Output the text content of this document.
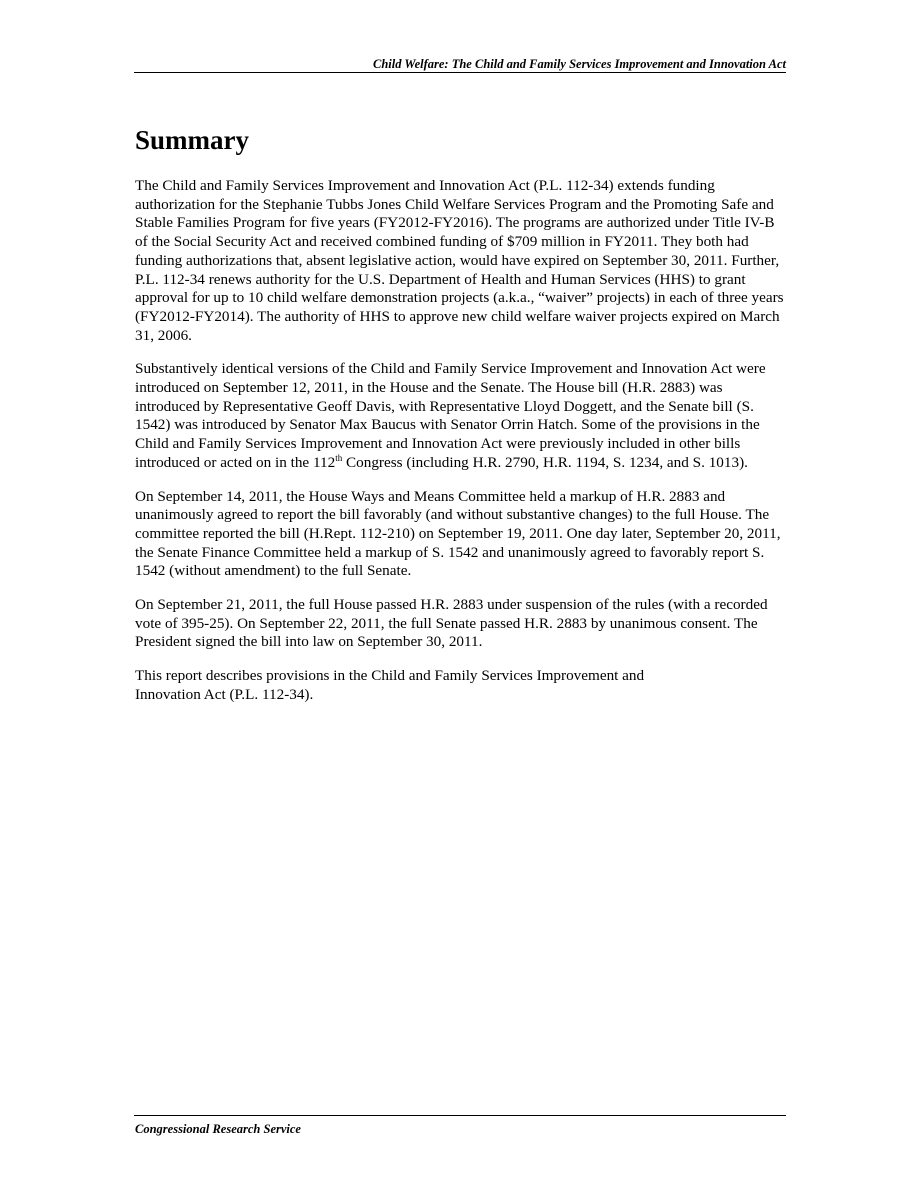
Child Welfare: The Child and Family Services Improvement and Innovation Act
Summary

The Child and Family Services Improvement and Innovation Act (P.L. 112-34) extends funding authorization for the Stephanie Tubbs Jones Child Welfare Services Program and the Promoting Safe and Stable Families Program for five years (FY2012-FY2016). The programs are authorized under Title IV-B of the Social Security Act and received combined funding of $709 million in FY2011. They both had funding authorizations that, absent legislative action, would have expired on September 30, 2011. Further, P.L. 112-34 renews authority for the U.S. Department of Health and Human Services (HHS) to grant approval for up to 10 child welfare demonstration projects (a.k.a., “waiver” projects) in each of three years (FY2012-FY2014). The authority of HHS to approve new child welfare waiver projects expired on March 31, 2006.

Substantively identical versions of the Child and Family Service Improvement and Innovation Act were introduced on September 12, 2011, in the House and the Senate. The House bill (H.R. 2883) was introduced by Representative Geoff Davis, with Representative Lloyd Doggett, and the Senate bill (S. 1542) was introduced by Senator Max Baucus with Senator Orrin Hatch. Some of the provisions in the Child and Family Services Improvement and Innovation Act were previously included in other bills introduced or acted on in the 112th Congress (including H.R. 2790, H.R. 1194, S. 1234, and S. 1013).

On September 14, 2011, the House Ways and Means Committee held a markup of H.R. 2883 and unanimously agreed to report the bill favorably (and without substantive changes) to the full House. The committee reported the bill (H.Rept. 112-210) on September 19, 2011. One day later, September 20, 2011, the Senate Finance Committee held a markup of S. 1542 and unanimously agreed to favorably report S. 1542 (without amendment) to the full Senate.

On September 21, 2011, the full House passed H.R. 2883 under suspension of the rules (with a recorded vote of 395-25). On September 22, 2011, the full Senate passed H.R. 2883 by unanimous consent. The President signed the bill into law on September 30, 2011.

This report describes provisions in the Child and Family Services Improvement and Innovation Act (P.L. 112-34).

Congressional Research Service
